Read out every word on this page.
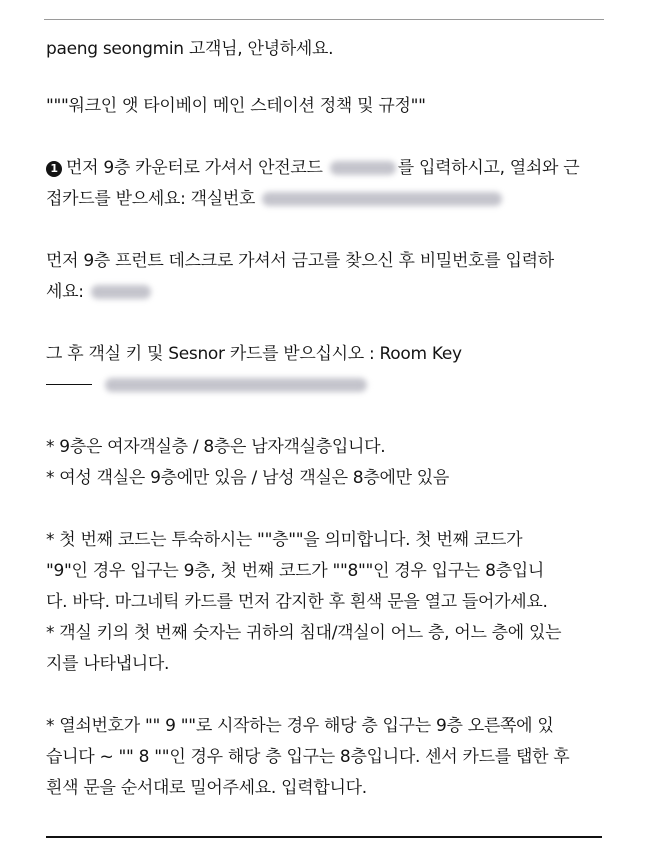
paeng seongmin 고객님, 안녕하세요.

"""워크인 앳 타이베이 메인 스테이션 정책 및 규정""

1 먼저 9층 카운터로 가셔서 안전코드	를 입력하시고, 열쇠와 근

접카드를 받으세요: 객실번호

먼저 9층 프런트 데스크로 가셔서 금고를 찾으신 후 비밀번호를 입력하

세요:

그 후 객실 키 및 Sesnor 카드를 받으십시오 : Room Key

* 9층은 여자객실층 / 8층은 남자객실층입니다.

* 여성 객실은 9층에만 있음 / 남성 객실은 8층에만 있음

* 첫 번째 코드는 투숙하시는 ""층""을 의미합니다. 첫 번째 코드가

"9"인 경우 입구는 9층, 첫 번째 코드가 ""8""인 경우 입구는 8층입니

다. 바닥. 마그네틱 카드를 먼저 감지한 후 흰색 문을 열고 들어가세요.

* 객실 키의 첫 번째 숫자는 귀하의 침대/객실이 어느 층, 어느 층에 있는

지를 나타냅니다.

* 열쇠번호가 "" 9 ""로 시작하는 경우 해당 층 입구는 9층 오른쪽에 있

습니다 ~ "" 8 ""인 경우 해당 층 입구는 8층입니다. 센서 카드를 탭한 후

흰색 문을 순서대로 밀어주세요. 입력합니다.
